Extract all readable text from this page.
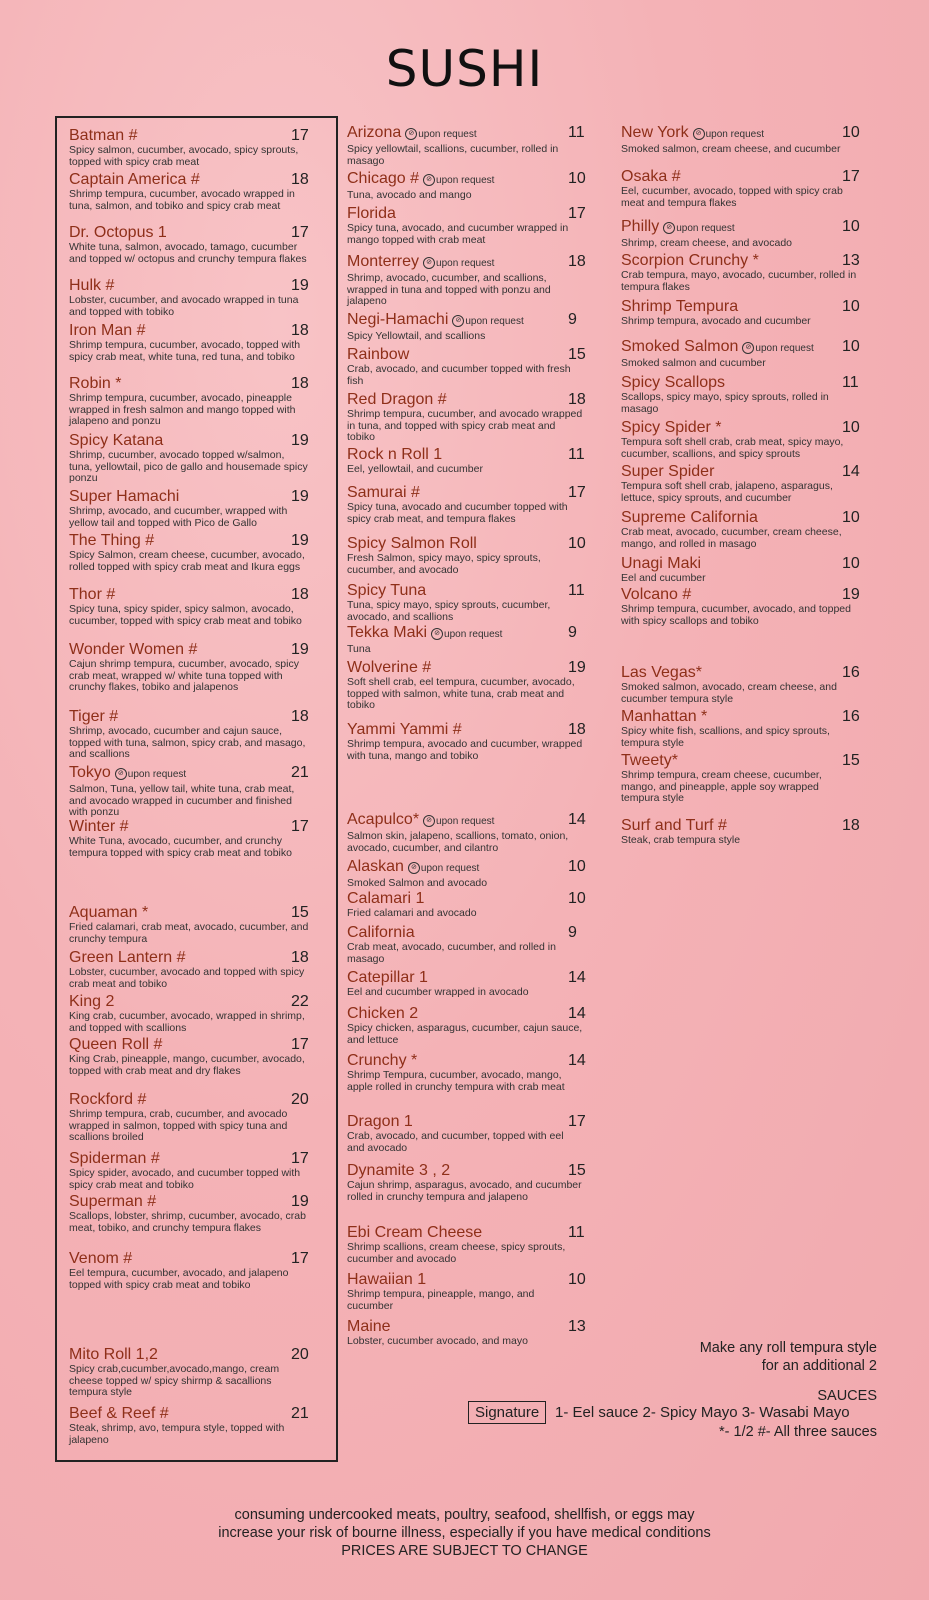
SUSHI
Batman #	17
Spicy salmon, cucumber, avocado, spicy sprouts, topped with spicy crab meat
Captain America #	18
Shrimp tempura, cucumber, avocado wrapped in tuna, salmon, and tobiko and spicy crab meat
Dr. Octopus 1	17
White tuna, salmon, avocado, tamago, cucumber and topped w/ octopus and crunchy tempura flakes
Hulk #	19
Lobster, cucumber, and avocado wrapped in tuna and topped with tobiko
Iron Man #	18
Shrimp tempura, cucumber, avocado, topped with spicy crab meat, white tuna, red tuna, and tobiko
Robin *	18
Shrimp tempura, cucumber, avocado, pineapple wrapped in fresh salmon and mango topped with jalapeno and ponzu
Spicy Katana	19
Shrimp, cucumber, avocado topped w/salmon, tuna, yellowtail, pico de gallo and housemade spicy ponzu
Super Hamachi	19
Shrimp, avocado, and cucumber, wrapped with yellow tail and topped with Pico de Gallo
The Thing #	19
Spicy Salmon, cream cheese, cucumber, avocado, rolled topped with spicy crab meat and Ikura eggs
Thor #	18
Spicy tuna, spicy spider, spicy salmon, avocado, cucumber, topped with spicy crab meat and tobiko
Wonder Women #	19
Cajun shrimp tempura, cucumber, avocado, spicy crab meat, wrapped w/ white tuna topped with crunchy flakes, tobiko and jalapenos
Tiger #	18
Shrimp, avocado, cucumber and cajun sauce, topped with tuna, salmon, spicy crab, and masago, and scallions
Tokyo ⊘ upon request	21
Salmon, Tuna, yellow tail, white tuna, crab meat, and avocado wrapped in cucumber and finished with ponzu
Winter #	17
White Tuna, avocado, cucumber, and crunchy tempura topped with spicy crab meat and tobiko
Aquaman *	15
Fried calamari, crab meat, avocado, cucumber, and crunchy tempura
Green Lantern #	18
Lobster, cucumber, avocado and topped with spicy crab meat and tobiko
King 2	22
King crab, cucumber, avocado, wrapped in shrimp, and topped with scallions
Queen Roll #	17
King Crab, pineapple, mango, cucumber, avocado, topped with crab meat and dry flakes
Rockford #	20
Shrimp tempura, crab, cucumber, and avocado wrapped in salmon, topped with spicy tuna and scallions broiled
Spiderman #	17
Spicy spider, avocado, and cucumber topped with spicy crab meat and tobiko
Superman #	19
Scallops, lobster, shrimp, cucumber, avocado, crab meat, tobiko, and crunchy tempura flakes
Venom #	17
Eel tempura, cucumber, avocado, and jalapeno topped with spicy crab meat and tobiko
Mito Roll 1,2	20
Spicy crab,cucumber,avocado,mango, cream cheese topped w/ spicy shirmp & sacallions tempura style
Beef & Reef #	21
Steak, shrimp, avo, tempura style, topped with jalapeno
Arizona ⊘ upon request	11
Spicy yellowtail, scallions, cucumber, rolled in masago
Chicago # ⊘ upon request	10
Tuna, avocado and mango
Florida	17
Spicy tuna, avocado, and cucumber wrapped in mango topped with crab meat
Monterrey ⊘ upon request	18
Shrimp, avocado, cucumber, and scallions, wrapped in tuna and topped with ponzu and jalapeno
Negi-Hamachi ⊘ upon request	9
Spicy Yellowtail, and scallions
Rainbow	15
Crab, avocado, and cucumber topped with fresh fish
Red Dragon #	18
Shrimp tempura, cucumber, and avocado wrapped in tuna, and topped with spicy crab meat and tobiko
Rock n Roll 1	11
Eel, yellowtail, and cucumber
Samurai #	17
Spicy tuna, avocado and cucumber topped with spicy crab meat, and tempura flakes
Spicy Salmon Roll	10
Fresh Salmon, spicy mayo, spicy sprouts, cucumber, and avocado
Spicy Tuna	11
Tuna, spicy mayo, spicy sprouts, cucumber, avocado, and scallions
Tekka Maki ⊘ upon request	9
Tuna
Wolverine #	19
Soft shell crab, eel tempura, cucumber, avocado, topped with salmon, white tuna, crab meat and tobiko
Yammi Yammi #	18
Shrimp tempura, avocado and cucumber, wrapped with tuna, mango and tobiko
Acapulco* ⊘ upon request	14
Salmon skin, jalapeno, scallions, tomato, onion, avocado, cucumber, and cilantro
Alaskan ⊘ upon request	10
Smoked Salmon and avocado
Calamari 1	10
Fried calamari and avocado
California	9
Crab meat, avocado, cucumber, and rolled in masago
Catepillar 1	14
Eel and cucumber wrapped in avocado
Chicken 2	14
Spicy chicken, asparagus, cucumber, cajun sauce, and lettuce
Crunchy *	14
Shrimp Tempura, cucumber, avocado, mango, apple rolled in crunchy tempura with crab meat
Dragon 1	17
Crab, avocado, and cucumber, topped with eel and avocado
Dynamite 3 , 2	15
Cajun shrimp, asparagus, avocado, and cucumber rolled in crunchy tempura and jalapeno
Ebi Cream Cheese	11
Shrimp scallions, cream cheese, spicy sprouts, cucumber and avocado
Hawaiian 1	10
Shrimp tempura, pineapple, mango, and cucumber
Maine	13
Lobster, cucumber avocado, and mayo
New York ⊘ upon request	10
Smoked salmon, cream cheese, and cucumber
Osaka #	17
Eel, cucumber, avocado, topped with spicy crab meat and tempura flakes
Philly ⊘ upon request	10
Shrimp, cream cheese, and avocado
Scorpion Crunchy *	13
Crab tempura, mayo, avocado, cucumber, rolled in tempura flakes
Shrimp Tempura	10
Shrimp tempura, avocado and cucumber
Smoked Salmon ⊘ upon request	10
Smoked salmon and cucumber
Spicy Scallops	11
Scallops, spicy mayo, spicy sprouts, rolled in masago
Spicy Spider *	10
Tempura soft shell crab, crab meat, spicy mayo, cucumber, scallions, and spicy sprouts
Super Spider	14
Tempura soft shell crab, jalapeno, asparagus, lettuce, spicy sprouts, and cucumber
Supreme California	10
Crab meat, avocado, cucumber, cream cheese, mango, and rolled in masago
Unagi Maki	10
Eel and cucumber
Volcano #	19
Shrimp tempura, cucumber, avocado, and topped with spicy scallops and tobiko
Las Vegas*	16
Smoked salmon, avocado, cream cheese, and cucumber tempura style
Manhattan *	16
Spicy white fish, scallions, and spicy sprouts, tempura style
Tweety*	15
Shrimp tempura, cream cheese, cucumber, mango, and pineapple, apple soy wrapped tempura style
Surf and Turf #	18
Steak, crab tempura style
Make any roll tempura style
for an additional 2
SAUCES
Signature	1- Eel sauce 2- Spicy Mayo 3- Wasabi Mayo
*- 1/2 #- All three sauces
consuming undercooked meats, poultry, seafood, shellfish, or eggs may
increase your risk of bourne illness, especially if you have medical conditions
PRICES ARE SUBJECT TO CHANGE
